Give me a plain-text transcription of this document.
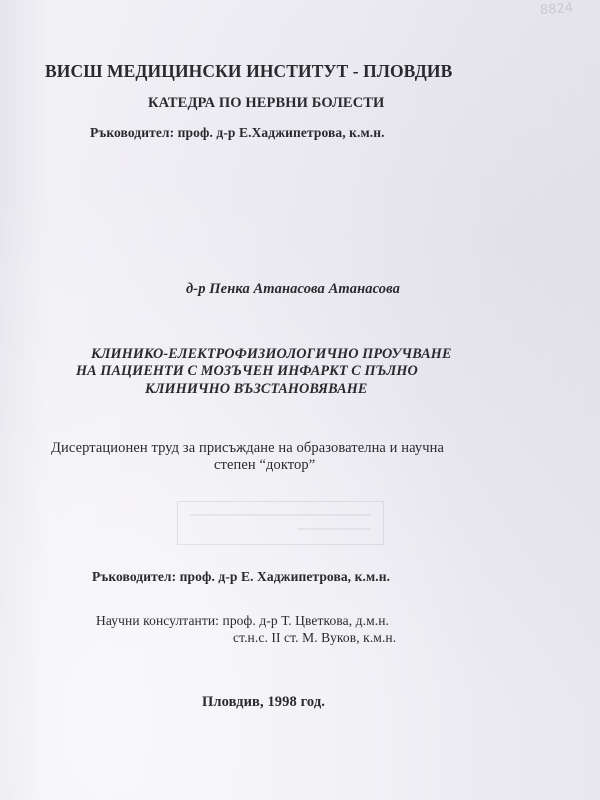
8824
ВИСШ МЕДИЦИНСКИ ИНСТИТУТ - ПЛОВДИВ
КАТЕДРА ПО НЕРВНИ БОЛЕСТИ
Ръководител: проф. д-р Е.Хаджипетрова, к.м.н.
д-р Пенка Атанасова Атанасова
КЛИНИКО-ЕЛЕКТРОФИЗИОЛОГИЧНО ПРОУЧВАНЕ
НА ПАЦИЕНТИ С МОЗЪЧЕН ИНФАРКТ С ПЪЛНО
КЛИНИЧНО ВЪЗСТАНОВЯВАНЕ
Дисертационен труд за присъждане на образователна и научна
степен “доктор”
Ръководител: проф. д-р Е. Хаджипетрова, к.м.н.
Научни консултанти: проф. д-р Т. Цветкова, д.м.н.
ст.н.с. II ст. М. Вуков, к.м.н.
Пловдив, 1998 год.
